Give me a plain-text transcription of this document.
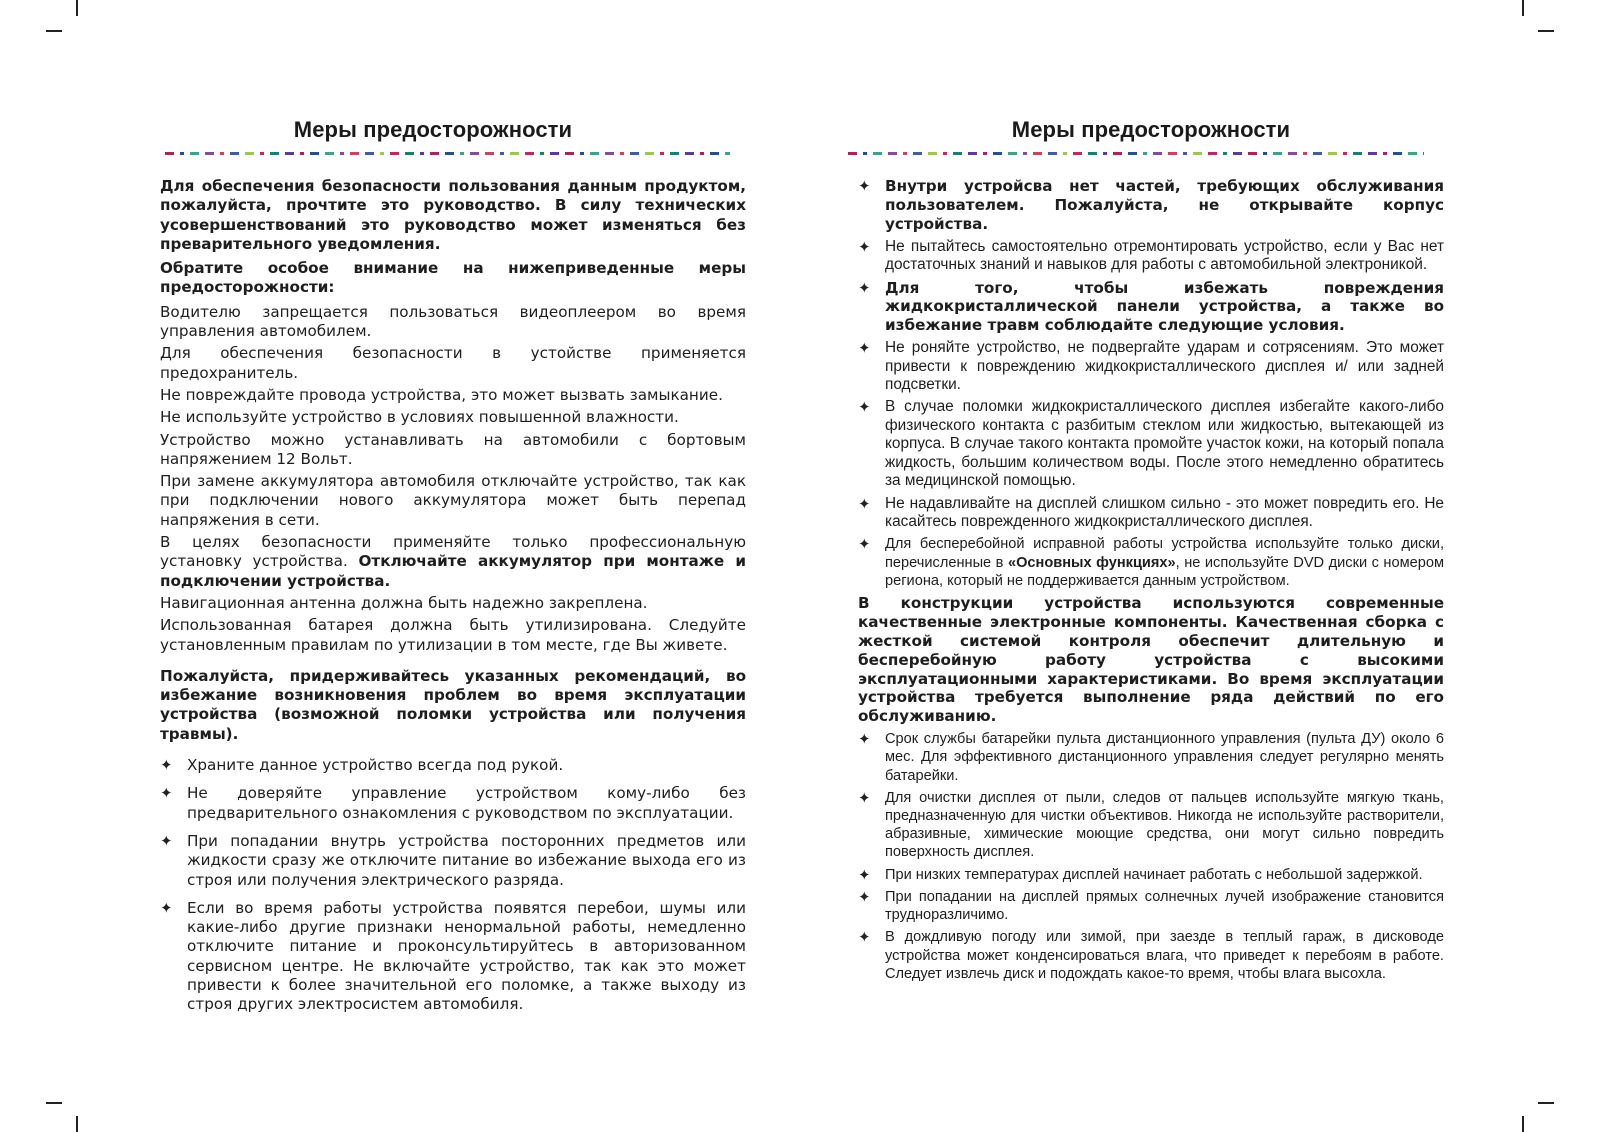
Меры предосторожности

Для обеспечения безопасности пользования данным продуктом, пожалуйста, прочтите это руководство. В силу технических усовершенствований это руководство может изменяться без преварительного уведомления.

Обратите особое внимание на нижеприведенные меры предосторожности:

Водителю запрещается пользоваться видеоплеером во время управления автомобилем.

Для обеспечения безопасности в устойстве применяется предохранитель.

Не повреждайте провода устройства, это может вызвать замыкание.

Не используйте устройство в условиях повышенной влажности.

Устройство можно устанавливать на автомобили с бортовым напряжением 12 Вольт.

При замене аккумулятора автомобиля отключайте устройство, так как при подключении нового аккумулятора может быть перепад напряжения в сети.

В целях безопасности применяйте только профессиональную установку устройства. Отключайте аккумулятор при монтаже и подключении устройства.

Навигационная антенна должна быть надежно закреплена.

Использованная батарея должна быть утилизирована. Следуйте установленным правилам по утилизации в том месте, где Вы живете.

Пожалуйста, придерживайтесь указанных рекомендаций, во избежание возникновения проблем во время эксплуатации устройства (возможной поломки устройства или получения травмы).

✦ Храните данное устройство всегда под рукой.

✦ Не доверяйте управление устройством кому-либо без предварительного ознакомления с руководством по эксплуатации.

✦ При попадании внутрь устройства посторонних предметов или жидкости сразу же отключите питание во избежание выхода его из строя или получения электрического разряда.

✦ Если во время работы устройства появятся перебои, шумы или какие-либо другие признаки ненормальной работы, немедленно отключите питание и проконсультируйтесь в авторизованном сервисном центре. Не включайте устройство, так как это может привести к более значительной его поломке, а также выходу из строя других электросистем автомобиля.

Меры предосторожности
✦ Внутри устройсва нет частей, требующих обслуживания пользователем. Пожалуйста, не открывайте корпус устройства.

✦ Не пытайтесь самостоятельно отремонтировать устройство, если у Вас нет достаточных знаний и навыков для работы с автомобильной электроникой.

✦ Для того, чтобы избежать повреждения жидкокристаллической панели устройства, а также во избежание травм соблюдайте следующие условия.

✦ Не роняйте устройство, не подвергайте ударам и сотрясениям. Это может привести к повреждению жидкокристаллического дисплея и/ или задней подсветки.

✦ В случае поломки жидкокристаллического дисплея избегайте какого-либо физического контакта с разбитым стеклом или жидкостью, вытекающей из корпуса. В случае такого контакта промойте участок кожи, на который попала жидкость, большим количеством воды. После этого немедленно обратитесь за медицинской помощью.

✦ Не надавливайте на дисплей слишком сильно - это может повредить его. Не касайтесь поврежденного жидкокристаллического дисплея.

✦ Для бесперебойной исправной работы устройства используйте только диски, перечисленные в «Основных функциях», не используйте DVD диски с номером региона, который не поддерживается данным устройством.

В конструкции устройства используются современные качественные электронные компоненты. Качественная сборка с жесткой системой контроля обеспечит длительную и бесперебойную работу устройства с высокими эксплуатационными характеристиками. Во время эксплуатации устройства требуется выполнение ряда действий по его обслуживанию.

✦ Срок службы батарейки пульта дистанционного управления (пульта ДУ) около 6 мес. Для эффективного дистанционного управления следует регулярно менять батарейки.

✦ Для очистки дисплея от пыли, следов от пальцев используйте мягкую ткань, предназначенную для чистки объективов. Никогда не используйте растворители, абразивные, химические моющие средства, они могут сильно повредить поверхность дисплея.

✦ При низких температурах дисплей начинает работать с небольшой задержкой.

✦ При попадании на дисплей прямых солнечных лучей изображение становится трудноразличимо.

✦ В дождливую погоду или зимой, при заезде в теплый гараж, в дисководе устройства может конденсироваться влага, что приведет к перебоям в работе. Следует извлечь диск и подождать какое-то время, чтобы влага высохла.
